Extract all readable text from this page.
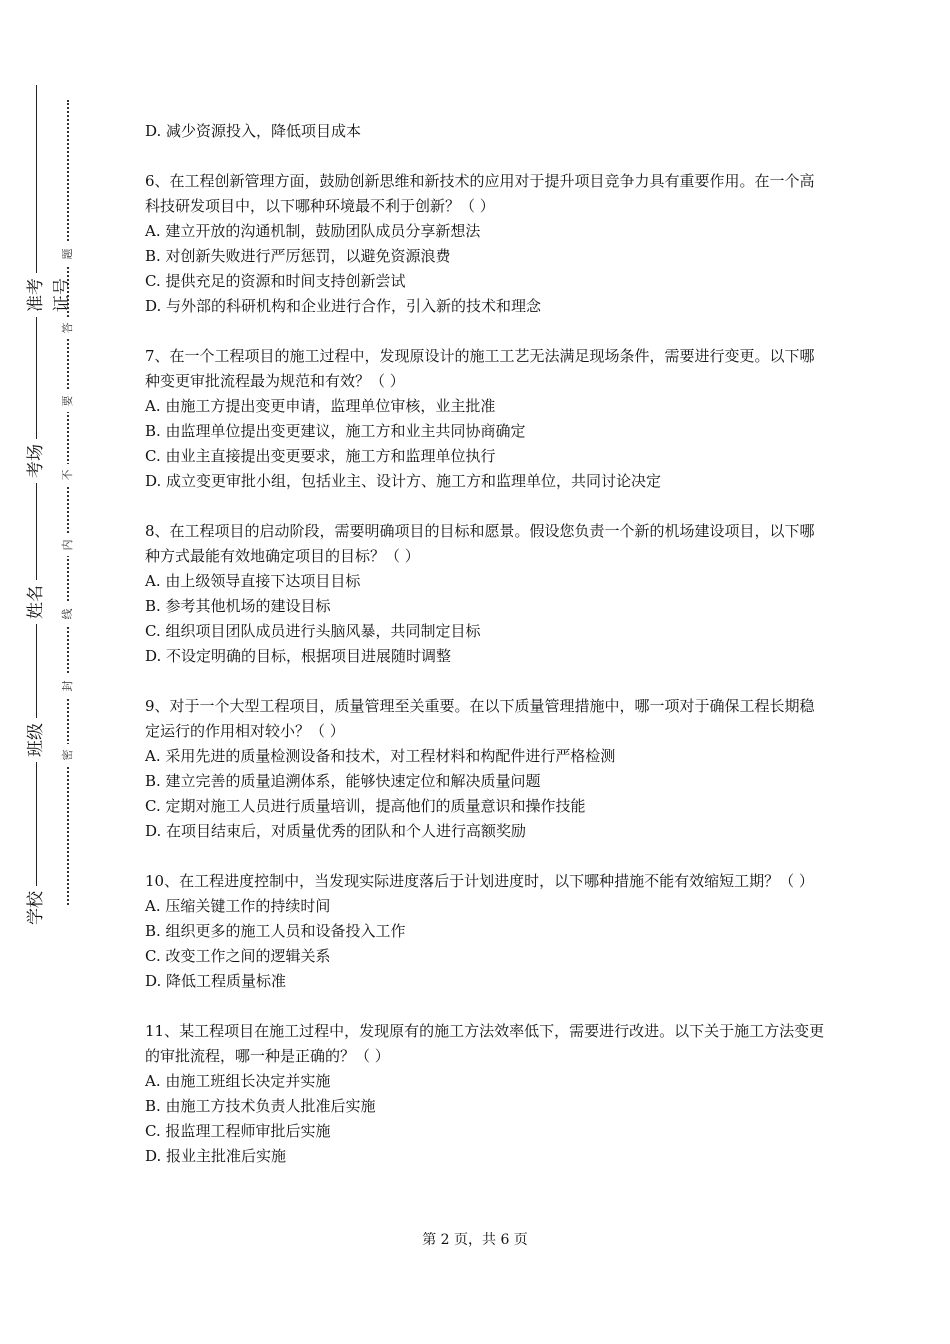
准考证号
考场
姓名
班级
学校
题
答
要
不
内
线
封
密

D. 减少资源投入，降低项目成本

6、在工程创新管理方面，鼓励创新思维和新技术的应用对于提升项目竞争力具有重要作用。在一个高科技研发项目中，以下哪种环境最不利于创新？（ ）

A. 建立开放的沟通机制，鼓励团队成员分享新想法

B. 对创新失败进行严厉惩罚，以避免资源浪费

C. 提供充足的资源和时间支持创新尝试

D. 与外部的科研机构和企业进行合作，引入新的技术和理念

7、在一个工程项目的施工过程中，发现原设计的施工工艺无法满足现场条件，需要进行变更。以下哪种变更审批流程最为规范和有效？（ ）

A. 由施工方提出变更申请，监理单位审核，业主批准

B. 由监理单位提出变更建议，施工方和业主共同协商确定

C. 由业主直接提出变更要求，施工方和监理单位执行

D. 成立变更审批小组，包括业主、设计方、施工方和监理单位，共同讨论决定

8、在工程项目的启动阶段，需要明确项目的目标和愿景。假设您负责一个新的机场建设项目，以下哪种方式最能有效地确定项目的目标？（ ）

A. 由上级领导直接下达项目目标

B. 参考其他机场的建设目标

C. 组织项目团队成员进行头脑风暴，共同制定目标

D. 不设定明确的目标，根据项目进展随时调整

9、对于一个大型工程项目，质量管理至关重要。在以下质量管理措施中，哪一项对于确保工程长期稳定运行的作用相对较小？（ ）

A. 采用先进的质量检测设备和技术，对工程材料和构配件进行严格检测

B. 建立完善的质量追溯体系，能够快速定位和解决质量问题

C. 定期对施工人员进行质量培训，提高他们的质量意识和操作技能

D. 在项目结束后，对质量优秀的团队和个人进行高额奖励

10、在工程进度控制中，当发现实际进度落后于计划进度时，以下哪种措施不能有效缩短工期？（ ）

A. 压缩关键工作的持续时间

B. 组织更多的施工人员和设备投入工作

C. 改变工作之间的逻辑关系

D. 降低工程质量标准

11、某工程项目在施工过程中，发现原有的施工方法效率低下，需要进行改进。以下关于施工方法变更的审批流程，哪一种是正确的？（ ）

A. 由施工班组长决定并实施

B. 由施工方技术负责人批准后实施

C. 报监理工程师审批后实施

D. 报业主批准后实施

第 2 页，共 6 页
